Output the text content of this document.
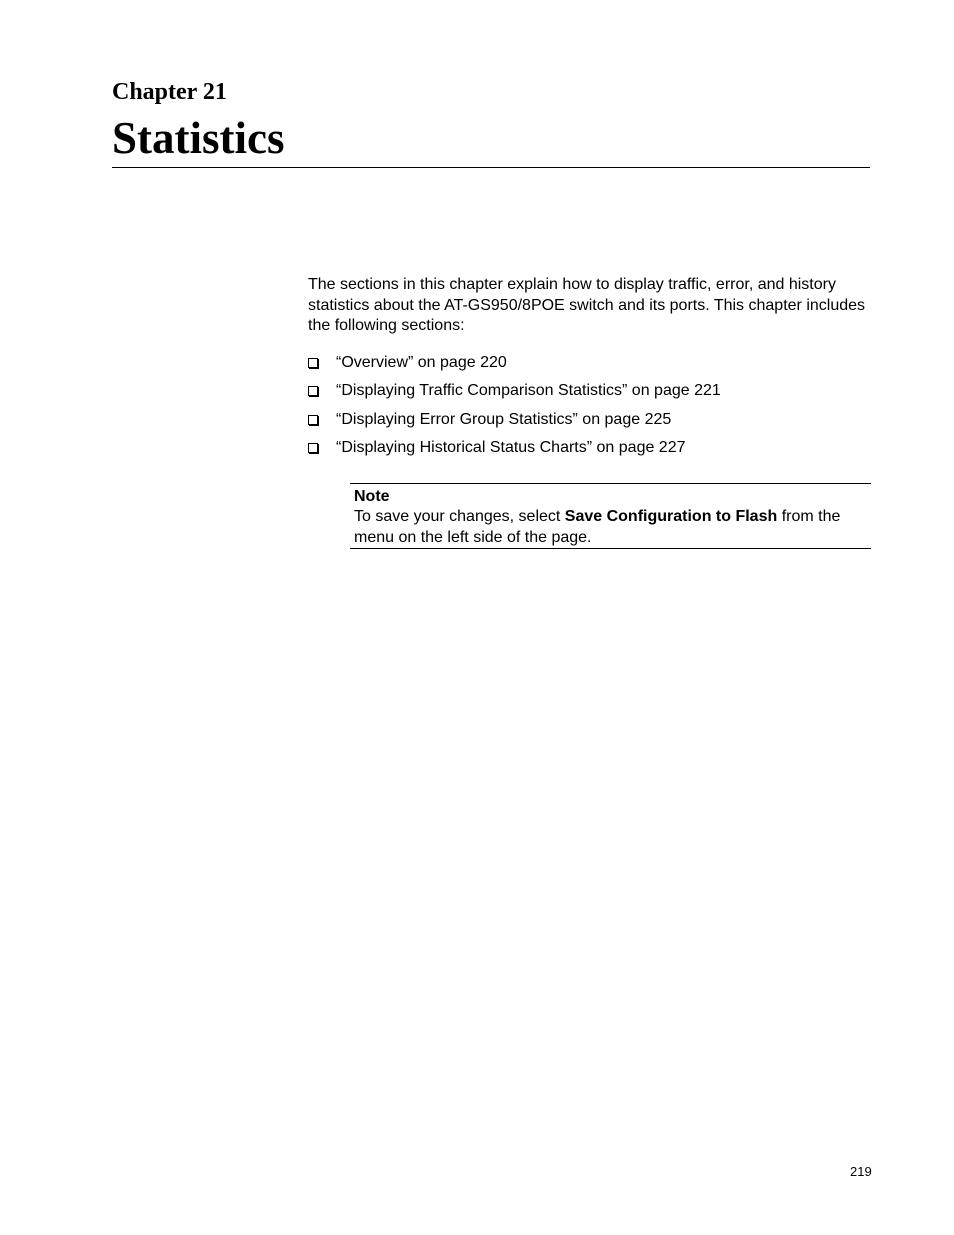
Chapter 21
Statistics

The sections in this chapter explain how to display traffic, error, and history statistics about the AT-GS950/8POE switch and its ports. This chapter includes the following sections:

“Overview” on page 220
“Displaying Traffic Comparison Statistics” on page 221
“Displaying Error Group Statistics” on page 225
“Displaying Historical Status Charts” on page 227
Note

To save your changes, select Save Configuration to Flash from the menu on the left side of the page.

219
